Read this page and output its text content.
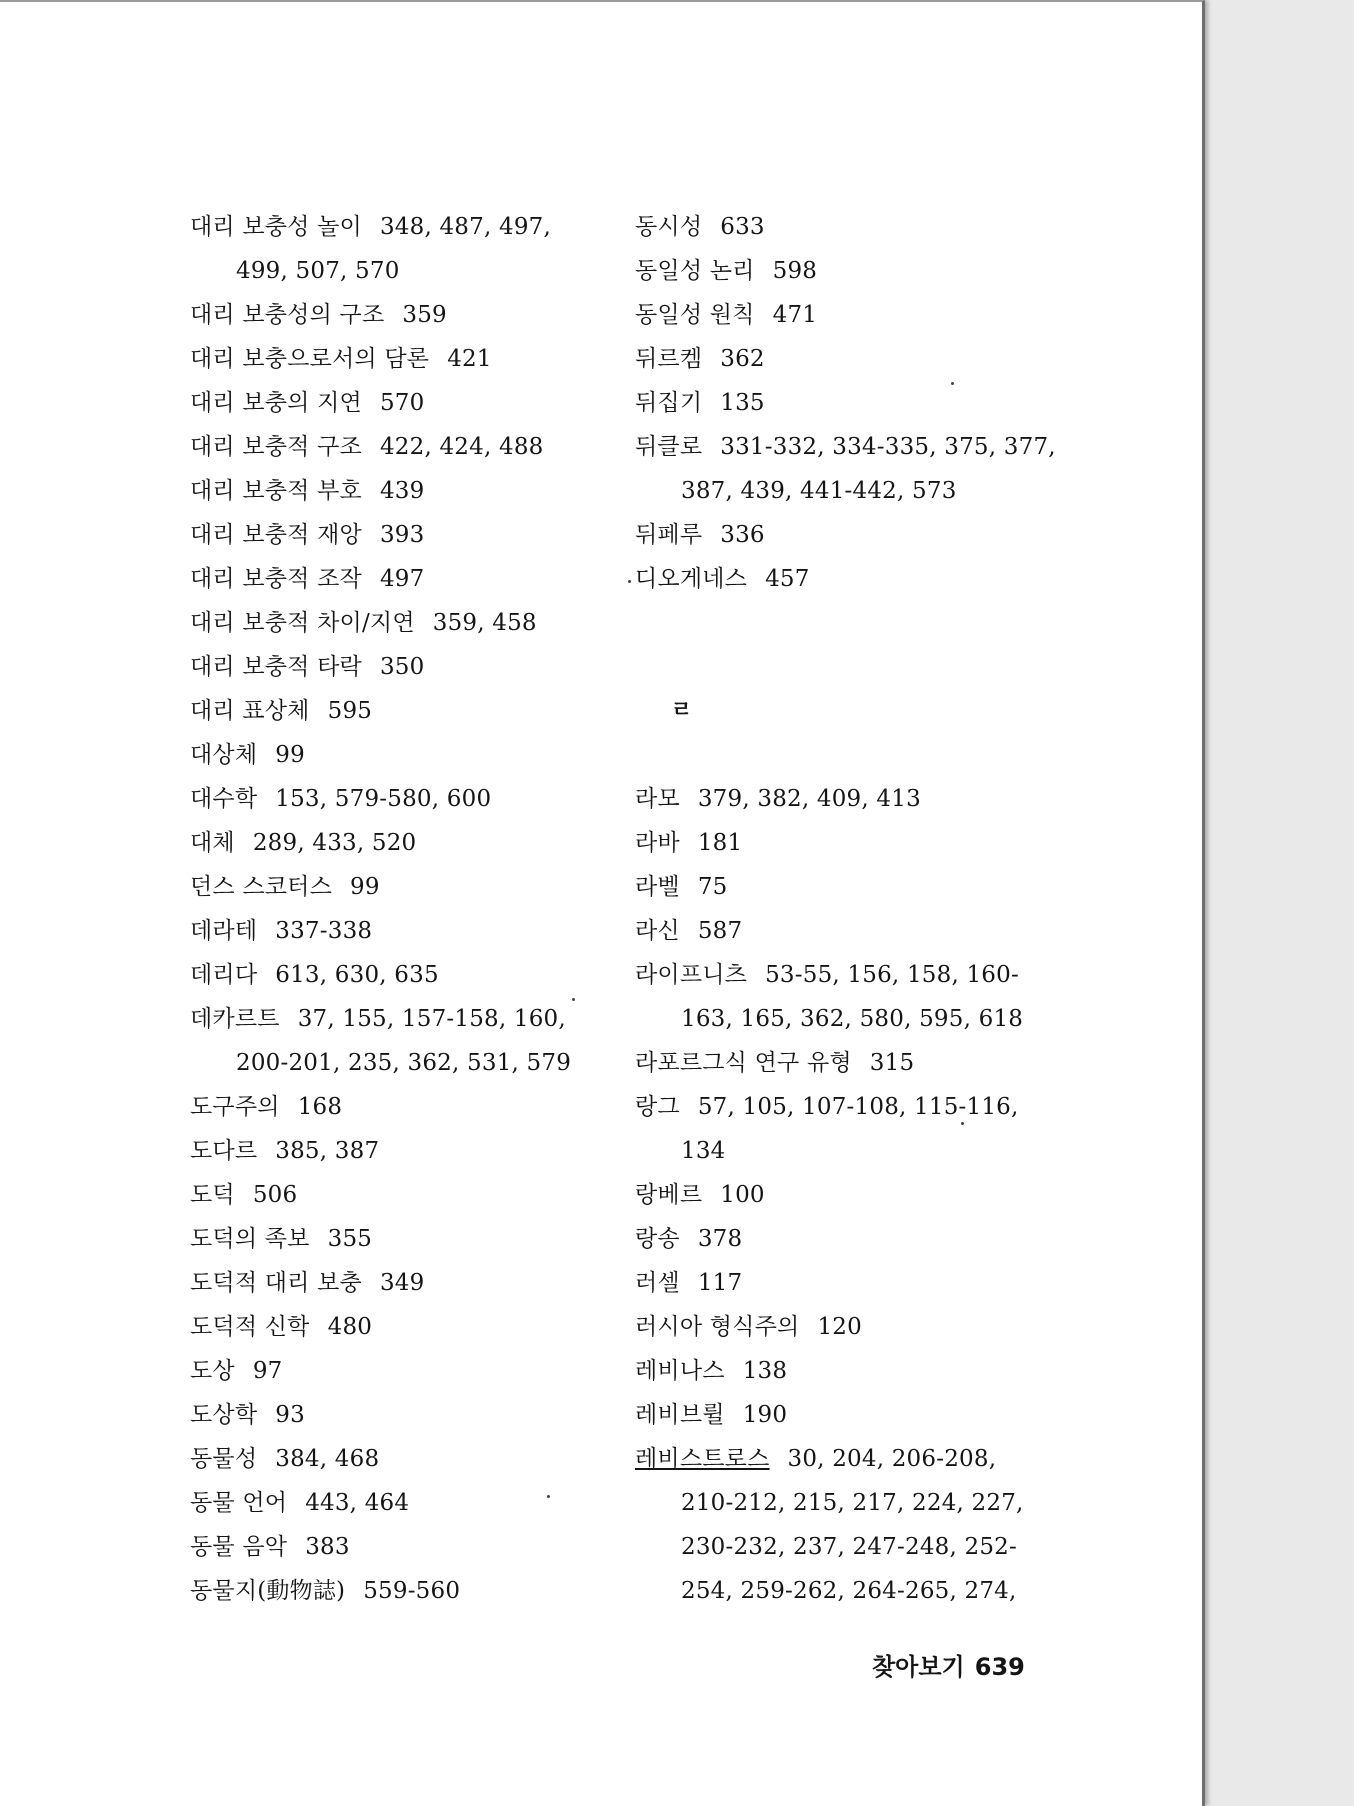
대리 보충성 놀이 348, 487, 497,
499, 507, 570
대리 보충성의 구조 359
대리 보충으로서의 담론 421
대리 보충의 지연 570
대리 보충적 구조 422, 424, 488
대리 보충적 부호 439
대리 보충적 재앙 393
대리 보충적 조작 497
대리 보충적 차이/지연 359, 458
대리 보충적 타락 350
대리 표상체 595
대상체 99
대수학 153, 579-580, 600
대체 289, 433, 520
던스 스코터스 99
데라테 337-338
데리다 613, 630, 635
데카르트 37, 155, 157-158, 160,
200-201, 235, 362, 531, 579
도구주의 168
도다르 385, 387
도덕 506
도덕의 족보 355
도덕적 대리 보충 349
도덕적 신학 480
도상 97
도상학 93
동물성 384, 468
동물 언어 443, 464
동물 음악 383
동물지(動物誌) 559-560
동시성 633
동일성 논리 598
동일성 원칙 471
뒤르켐 362
뒤집기 135
뒤클로 331-332, 334-335, 375, 377,
387, 439, 441-442, 573
뒤페루 336
디오게네스 457
ㄹ
라모 379, 382, 409, 413
라바 181
라벨 75
라신 587
라이프니츠 53-55, 156, 158, 160-
163, 165, 362, 580, 595, 618
라포르그식 연구 유형 315
랑그 57, 105, 107-108, 115-116,
134
랑베르 100
랑송 378
러셀 117
러시아 형식주의 120
레비나스 138
레비브륄 190
레비스트로스 30, 204, 206-208,
210-212, 215, 217, 224, 227,
230-232, 237, 247-248, 252-
254, 259-262, 264-265, 274,
찾아보기 639
